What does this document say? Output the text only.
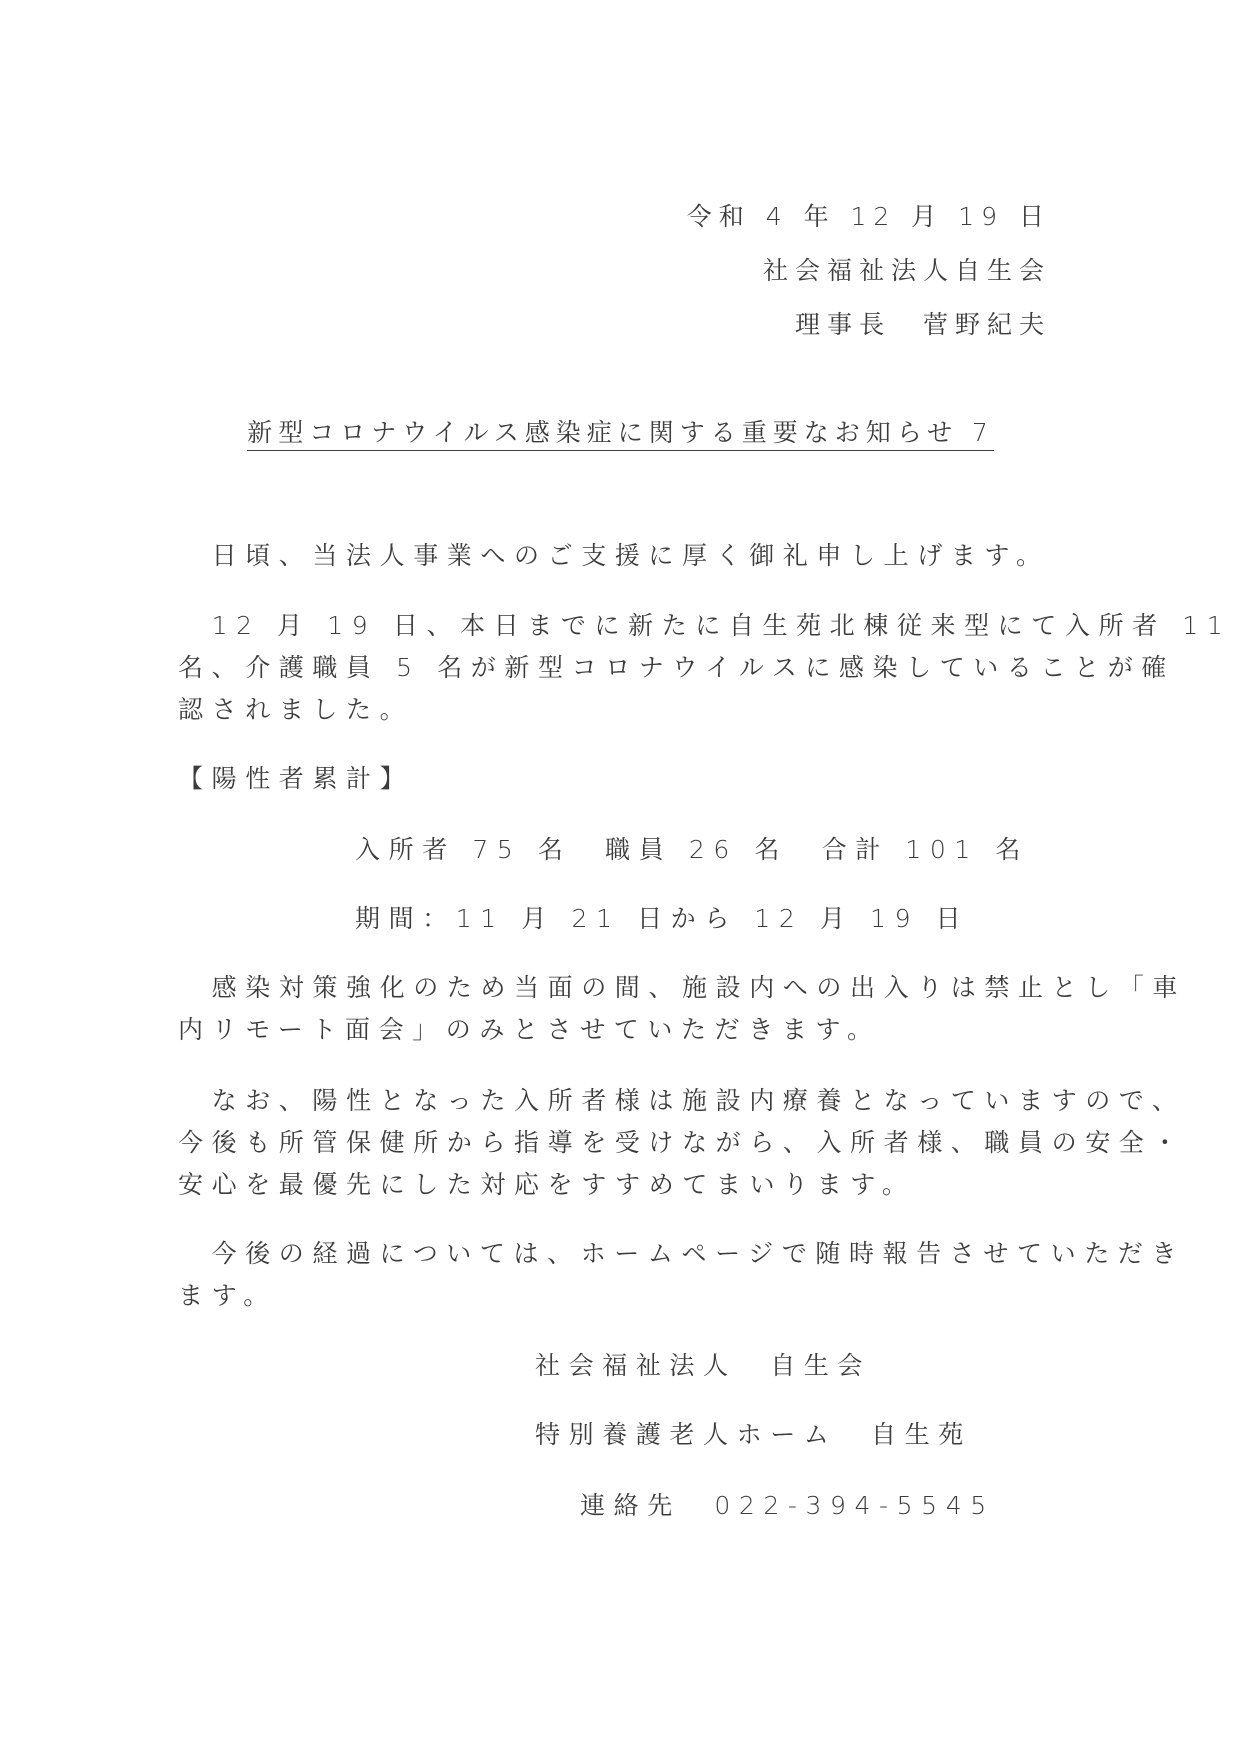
令和 4 年 12 月 19 日

社会福祉法人自生会

理事長　菅野紀夫

新型コロナウイルス感染症に関する重要なお知らせ 7

　日頃、当法人事業へのご支援に厚く御礼申し上げます。

　12 月 19 日、本日までに新たに自生苑北棟従来型にて入所者 11

名、介護職員 5 名が新型コロナウイルスに感染していることが確

認されました。

【陽性者累計】

入所者 75 名　職員 26 名　合計 101 名

期間：11 月 21 日から 12 月 19 日

　感染対策強化のため当面の間、施設内への出入りは禁止とし「車

内リモート面会」のみとさせていただきます。

　なお、陽性となった入所者様は施設内療養となっていますので、

今後も所管保健所から指導を受けながら、入所者様、職員の安全・

安心を最優先にした対応をすすめてまいります。

　今後の経過については、ホームページで随時報告させていただき

ます。

社会福祉法人　自生会

特別養護老人ホーム　自生苑

連絡先　022-394-5545
